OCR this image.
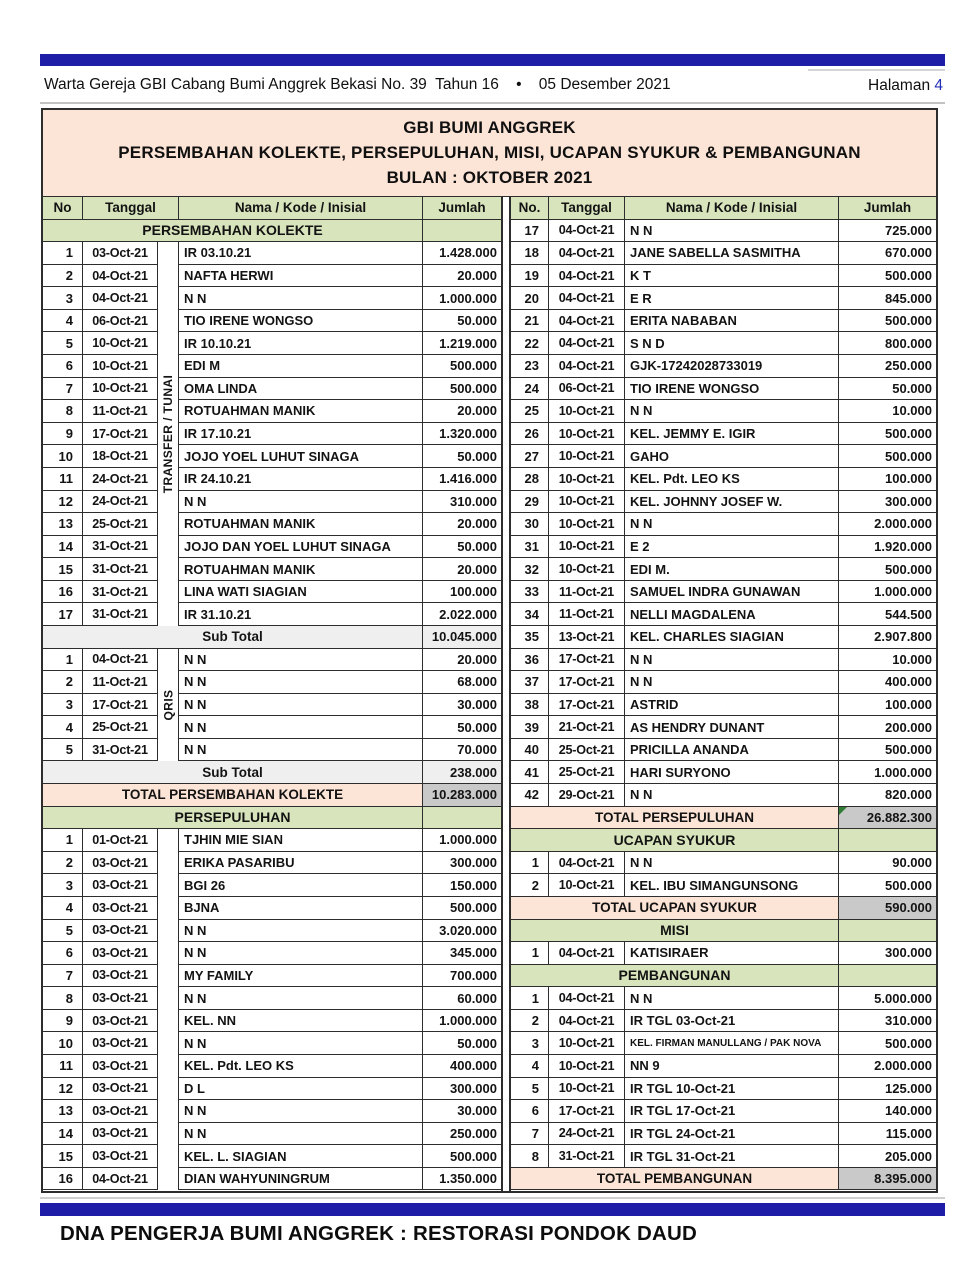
Warta Gereja GBI Cabang Bumi Anggrek Bekasi No. 39  Tahun 16    •    05 Desember 2021	Halaman 4
GBI BUMI ANGGREK
PERSEMBAHAN KOLEKTE, PERSEPULUHAN, MISI, UCAPAN SYUKUR & PEMBANGUNAN
BULAN : OKTOBER 2021
No	Tanggal	Nama / Kode / Inisial	Jumlah
PERSEMBAHAN KOLEKTE
1	03-Oct-21	IR 03.10.21	1.428.000
2	04-Oct-21	NAFTA HERWI	20.000
3	04-Oct-21	N N	1.000.000
4	06-Oct-21	TIO IRENE WONGSO	50.000
5	10-Oct-21	IR 10.10.21	1.219.000
6	10-Oct-21	EDI M	500.000
7	10-Oct-21	OMA LINDA	500.000
8	11-Oct-21	ROTUAHMAN MANIK	20.000
9	17-Oct-21	IR 17.10.21	1.320.000
10	18-Oct-21	JOJO YOEL LUHUT SINAGA	50.000
11	24-Oct-21	IR 24.10.21	1.416.000
12	24-Oct-21	N N	310.000
13	25-Oct-21	ROTUAHMAN MANIK	20.000
14	31-Oct-21	JOJO DAN YOEL LUHUT SINAGA	50.000
15	31-Oct-21	ROTUAHMAN MANIK	20.000
16	31-Oct-21	LINA WATI SIAGIAN	100.000
17	31-Oct-21	IR 31.10.21	2.022.000
TRANSFER / TUNAI
Sub Total	10.045.000
1	04-Oct-21	N N	20.000
2	11-Oct-21	N N	68.000
3	17-Oct-21	N N	30.000
4	25-Oct-21	N N	50.000
5	31-Oct-21	N N	70.000
QRIS
Sub Total	238.000
TOTAL PERSEMBAHAN KOLEKTE	10.283.000
PERSEPULUHAN
1	01-Oct-21	TJHIN MIE SIAN	1.000.000
2	03-Oct-21	ERIKA PASARIBU	300.000
3	03-Oct-21	BGI 26	150.000
4	03-Oct-21	BJNA	500.000
5	03-Oct-21	N N	3.020.000
6	03-Oct-21	N N	345.000
7	03-Oct-21	MY FAMILY	700.000
8	03-Oct-21	N N	60.000
9	03-Oct-21	KEL. NN	1.000.000
10	03-Oct-21	N N	50.000
11	03-Oct-21	KEL. Pdt. LEO KS	400.000
12	03-Oct-21	D L	300.000
13	03-Oct-21	N N	30.000
14	03-Oct-21	N N	250.000
15	03-Oct-21	KEL. L. SIAGIAN	500.000
16	04-Oct-21	DIAN WAHYUNINGRUM	1.350.000
No.	Tanggal	Nama / Kode / Inisial	Jumlah
17	04-Oct-21	N N	725.000
18	04-Oct-21	JANE SABELLA SASMITHA	670.000
19	04-Oct-21	K T	500.000
20	04-Oct-21	E R	845.000
21	04-Oct-21	ERITA NABABAN	500.000
22	04-Oct-21	S N D	800.000
23	04-Oct-21	GJK-17242028733019	250.000
24	06-Oct-21	TIO IRENE WONGSO	50.000
25	10-Oct-21	N N	10.000
26	10-Oct-21	KEL. JEMMY E. IGIR	500.000
27	10-Oct-21	GAHO	500.000
28	10-Oct-21	KEL. Pdt. LEO KS	100.000
29	10-Oct-21	KEL. JOHNNY JOSEF W.	300.000
30	10-Oct-21	N N	2.000.000
31	10-Oct-21	E 2	1.920.000
32	10-Oct-21	EDI M.	500.000
33	11-Oct-21	SAMUEL INDRA GUNAWAN	1.000.000
34	11-Oct-21	NELLI MAGDALENA	544.500
35	13-Oct-21	KEL. CHARLES SIAGIAN	2.907.800
36	17-Oct-21	N N	10.000
37	17-Oct-21	N N	400.000
38	17-Oct-21	ASTRID	100.000
39	21-Oct-21	AS HENDRY DUNANT	200.000
40	25-Oct-21	PRICILLA ANANDA	500.000
41	25-Oct-21	HARI SURYONO	1.000.000
42	29-Oct-21	N N	820.000
TOTAL PERSEPULUHAN	26.882.300
UCAPAN SYUKUR
1	04-Oct-21	N N	90.000
2	10-Oct-21	KEL. IBU SIMANGUNSONG	500.000
TOTAL UCAPAN SYUKUR	590.000
MISI
1	04-Oct-21	KATISIRAER	300.000
PEMBANGUNAN
1	04-Oct-21	N N	5.000.000
2	04-Oct-21	IR TGL 03-Oct-21	310.000
3	10-Oct-21	KEL. FIRMAN MANULLANG / PAK NOVA	500.000
4	10-Oct-21	NN 9	2.000.000
5	10-Oct-21	IR TGL 10-Oct-21	125.000
6	17-Oct-21	IR TGL 17-Oct-21	140.000
7	24-Oct-21	IR TGL 24-Oct-21	115.000
8	31-Oct-21	IR TGL 31-Oct-21	205.000
TOTAL PEMBANGUNAN	8.395.000
DNA PENGERJA BUMI ANGGREK : RESTORASI PONDOK DAUD
